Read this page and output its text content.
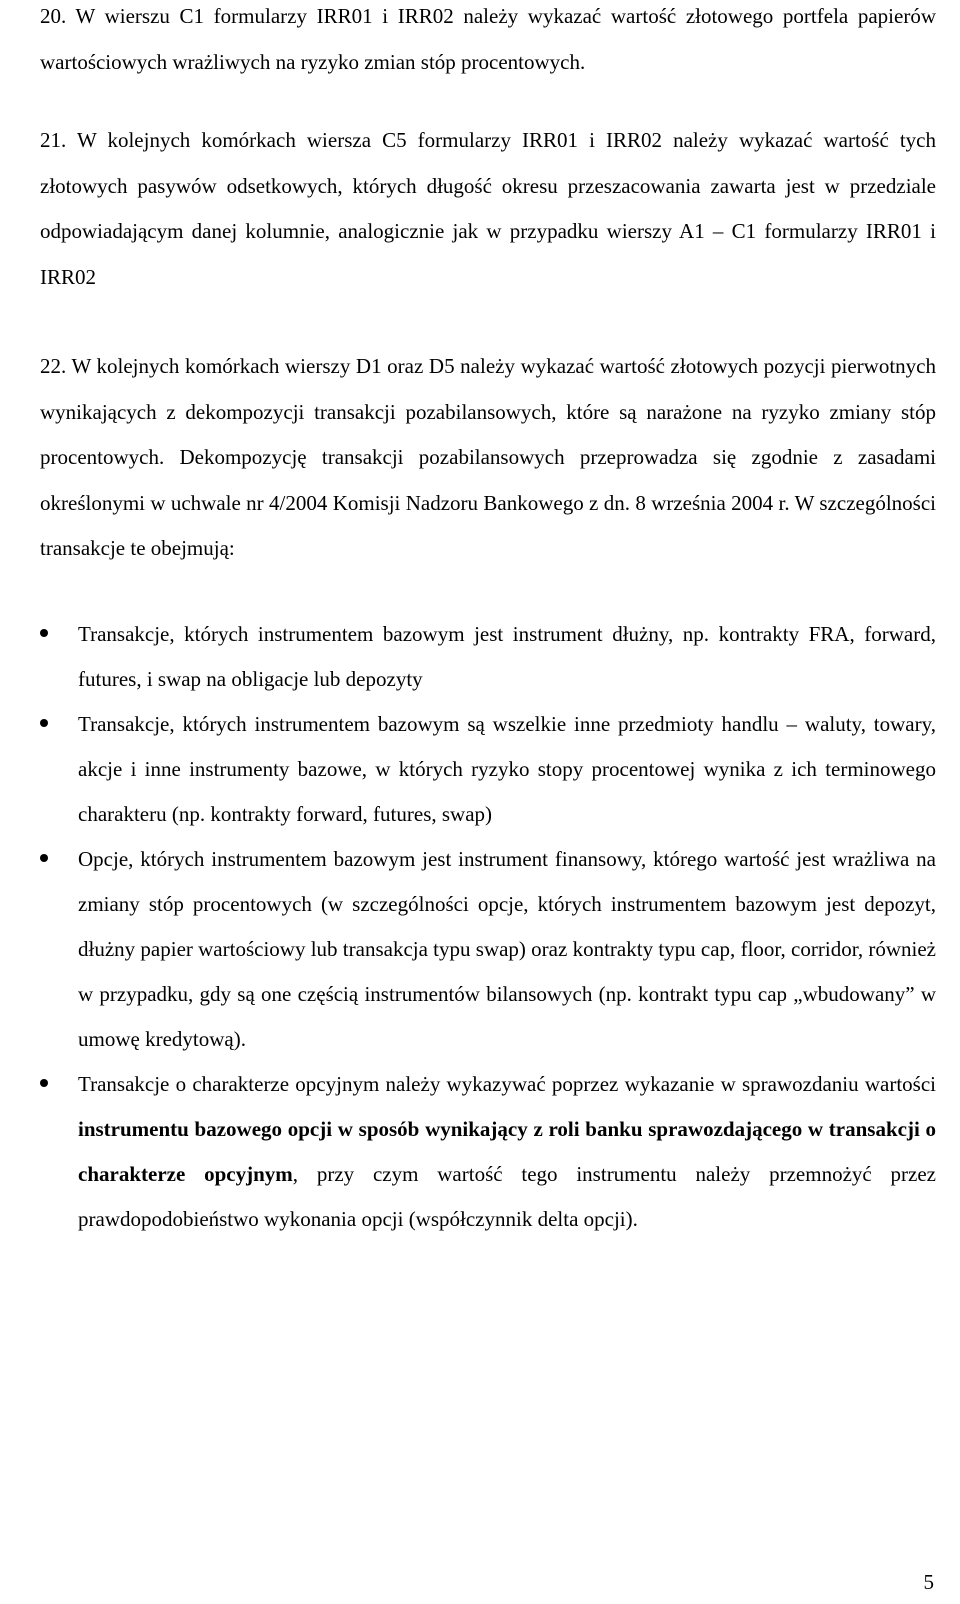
20. W wierszu C1 formularzy IRR01 i IRR02 należy wykazać wartość złotowego portfela papierów wartościowych wrażliwych na ryzyko zmian stóp procentowych.

21. W kolejnych komórkach wiersza C5 formularzy IRR01 i IRR02 należy wykazać wartość tych złotowych pasywów odsetkowych, których długość okresu przeszacowania zawarta jest w przedziale odpowiadającym danej kolumnie, analogicznie jak w przypadku wierszy A1 – C1 formularzy IRR01 i IRR02

22. W kolejnych komórkach wierszy D1 oraz D5 należy wykazać wartość złotowych pozycji pierwotnych wynikających z dekompozycji transakcji pozabilansowych, które są narażone na ryzyko zmiany stóp procentowych. Dekompozycję transakcji pozabilansowych przeprowadza się zgodnie z zasadami określonymi w uchwale nr 4/2004 Komisji Nadzoru Bankowego z dn. 8 września 2004 r. W szczególności transakcje te obejmują:

Transakcje, których instrumentem bazowym jest instrument dłużny, np. kontrakty FRA, forward, futures, i swap na obligacje lub depozyty
Transakcje, których instrumentem bazowym są wszelkie inne przedmioty handlu – waluty, towary, akcje i inne instrumenty bazowe, w których ryzyko stopy procentowej wynika z ich terminowego charakteru (np. kontrakty forward, futures, swap)
Opcje, których instrumentem bazowym jest instrument finansowy, którego wartość jest wrażliwa na zmiany stóp procentowych (w szczególności opcje, których instrumentem bazowym jest depozyt, dłużny papier wartościowy lub transakcja typu swap) oraz kontrakty typu cap, floor, corridor, również w przypadku, gdy są one częścią instrumentów bilansowych (np. kontrakt typu cap „wbudowany” w umowę kredytową).
Transakcje o charakterze opcyjnym należy wykazywać poprzez wykazanie w sprawozdaniu wartości instrumentu bazowego opcji w sposób wynikający z roli banku sprawozdającego w transakcji o charakterze opcyjnym, przy czym wartość tego instrumentu należy przemnożyć przez prawdopodobieństwo wykonania opcji (współczynnik delta opcji).
5
